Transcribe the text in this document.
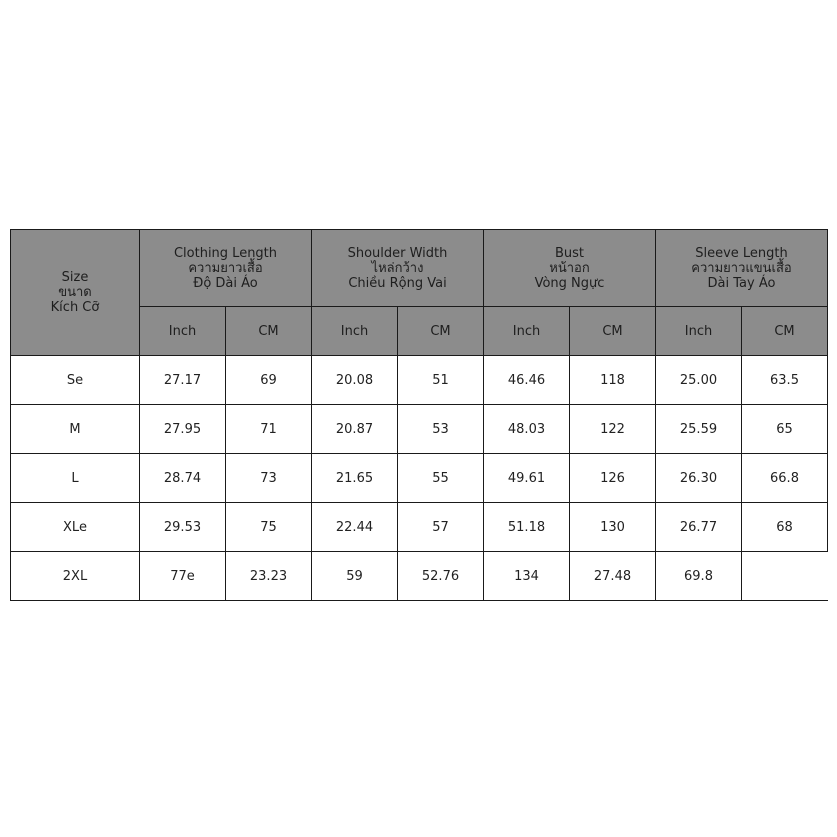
Size
ขนาด
Kích Cỡ	Clothing Length
ความยาวเสื้อ
Độ Dài Áo		Shoulder Width
ไหล่กว้าง
Chiều Rộng Vai		Bust
หน้าอก
Vòng Ngực		Sleeve Length
ความยาวแขนเสื้อ
Dài Tay Áo	

	Inch	CM	Inch	CM	Inch	CM	Inch	CM
Se	27.17	69	20.08	51	46.46	118	25.00	63.5
M	27.95	71	20.87	53	48.03	122	25.59	65
L	28.74	73	21.65	55	49.61	126	26.30	66.8
XLe	29.53	75	22.44	57	51.18	130	26.77	68
2XL	77e	23.23	59	52.76	134	27.48	69.8	
